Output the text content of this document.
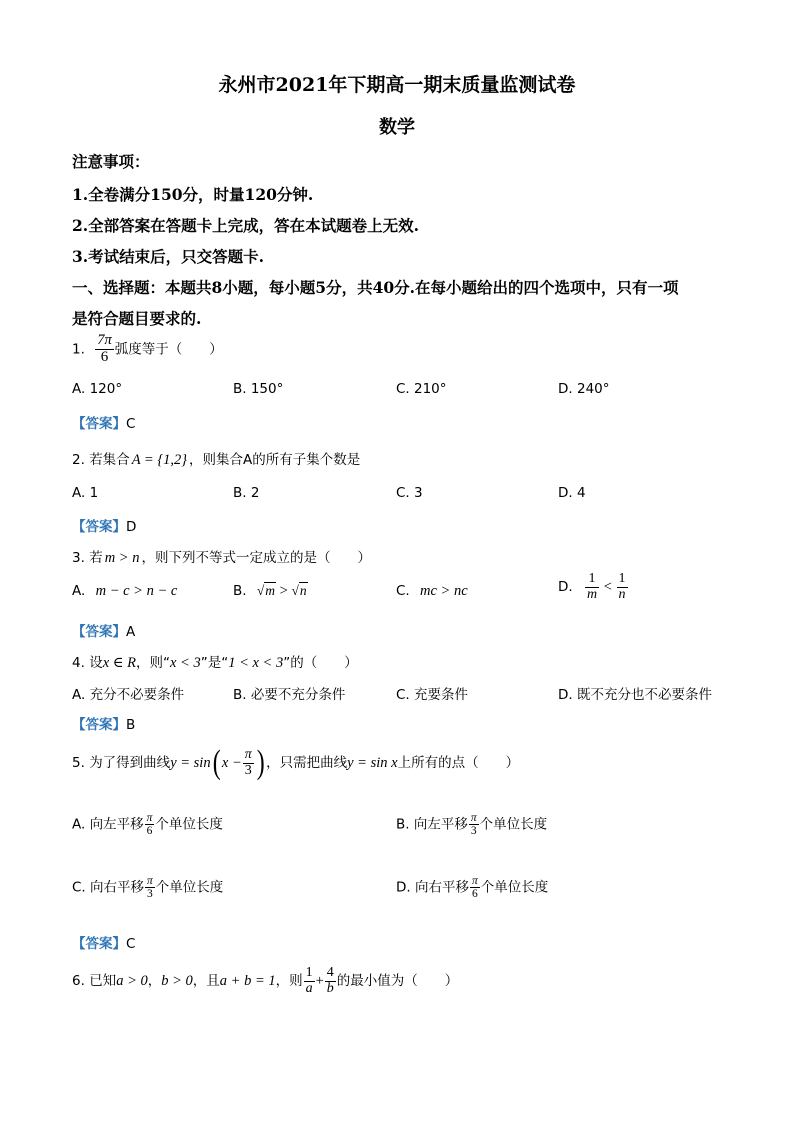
永州市2021年下期高一期末质量监测试卷
数学
注意事项：
1.全卷满分150分，时量120分钟.
2.全部答案在答题卡上完成，答在本试题卷上无效.
3.考试结束后，只交答题卡.
一、选择题：本题共8小题，每小题5分，共40分.在每小题给出的四个选项中，只有一项
是符合题目要求的.
1. $\frac{7\pi}{6}$ 弧度等于（　　）
A. 120°	B. 150°	C. 210°	D. 240°
【答案】C
2. 若集合 A = {1,2} ，则集合A的所有子集个数是
A. 1	B. 2	C. 3	D. 4
【答案】D
3. 若 m > n ，则下列不等式一定成立的是（　　）
A. m − c > n − c	B. √m > √n	C. mc > nc	D. $\frac{1}{m} < \frac{1}{n}$
【答案】A
4. 设x ∈ R，则“x < 3”是“1 < x < 3”的（　　）
A. 充分不必要条件	B. 必要不充分条件	C. 充要条件	D. 既不充分也不必要条件
【答案】B
5. 为了得到曲线y = sin( $x - \frac{\pi}{3}$ ) ，只需把曲线y = sin x上所有的点（　　）
A. 向左平移 $\frac{\pi}{6}$ 个单位长度	B. 向左平移 $\frac{\pi}{3}$ 个单位长度
C. 向右平移 $\frac{\pi}{3}$ 个单位长度	D. 向右平移 $\frac{\pi}{6}$ 个单位长度
【答案】C
6. 已知a > 0，b > 0，且a + b = 1，则 $\frac{1}{a} + \frac{4}{b}$ 的最小值为（　　）
